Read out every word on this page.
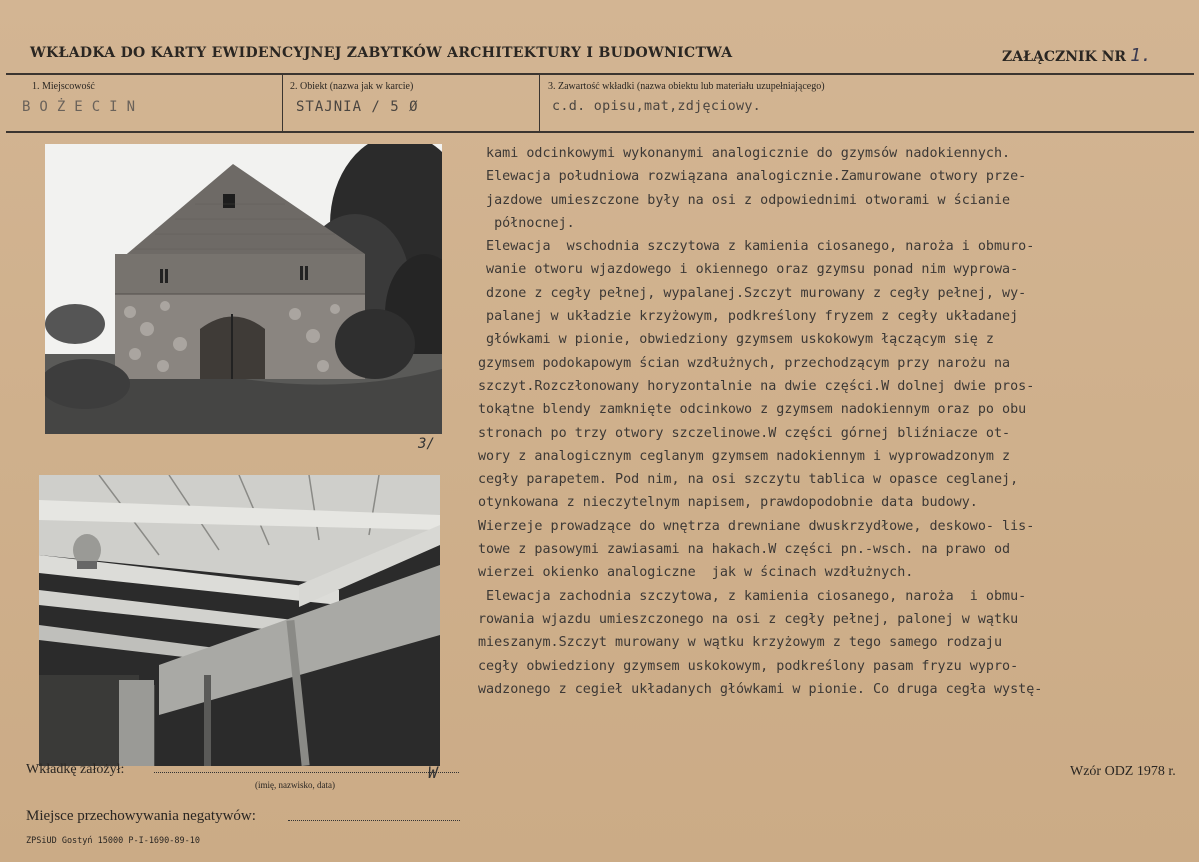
WKŁADKA DO KARTY EWIDENCYJNEJ ZABYTKÓW ARCHITEKTURY I BUDOWNICTWA	ZAŁĄCZNIK NR 1.
1. Miejscowość
BOŻECIN
2. Obiekt (nazwa jak w karcie)
STAJNIA / 5 Ø
3. Zawartość wkładki (nazwa obiektu lub materiału uzupełniającego)
c.d. opisu,mat,zdjęciowy.
3/
kami odcinkowymi wykonanymi analogicznie do gzymsów nadokiennych.
Elewacja południowa rozwiązana analogicznie.Zamurowane otwory prze-
jazdowe umieszczone były na osi z odpowiednimi otworami w ścianie
północnej.
Elewacja  wschodnia szczytowa z kamienia ciosanego, naroża i obmuro-
wanie otworu wjazdowego i okiennego oraz gzymsu ponad nim wyprowa-
dzone z cegły pełnej, wypalanej.Szczyt murowany z cegły pełnej, wy-
palanej w układzie krzyżowym, podkreślony fryzem z cegły układanej
główkami w pionie, obwiedziony gzymsem uskokowym łączącym się z
gzymsem podokapowym ścian wzdłużnych, przechodzącym przy narożu na
szczyt.Rozczłonowany horyzontalnie na dwie części.W dolnej dwie pros-
tokątne blendy zamknięte odcinkowo z gzymsem nadokiennym oraz po obu
stronach po trzy otwory szczelinowe.W części górnej bliźniacze ot-
wory z analogicznym ceglanym gzymsem nadokiennym i wyprowadzonym z
cegły parapetem. Pod nim, na osi szczytu tablica w opasce ceglanej,
otynkowana z nieczytelnym napisem, prawdopodobnie data budowy.
Wierzeje prowadzące do wnętrza drewniane dwuskrzydłowe, deskowo- lis-
towe z pasowymi zawiasami na hakach.W części pn.-wsch. na prawo od
wierzei okienko analogiczne  jak w ścinach wzdłużnych.
Elewacja zachodnia szczytowa, z kamienia ciosanego, naroża  i obmu-
rowania wjazdu umieszczonego na osi z cegły pełnej, palonej w wątku
mieszanym.Szczyt murowany w wątku krzyżowym z tego samego rodzaju
cegły obwiedziony gzymsem uskokowym, podkreślony pasam fryzu wypro-
wadzonego z cegieł układanych główkami w pionie. Co druga cegła wystę-
Wkładkę założył:	W
(imię, nazwisko, data)
Miejsce przechowywania negatywów:
Wzór ODZ 1978 r.
ZPSiUD Gostyń 15000 P-I-1690-89-10
